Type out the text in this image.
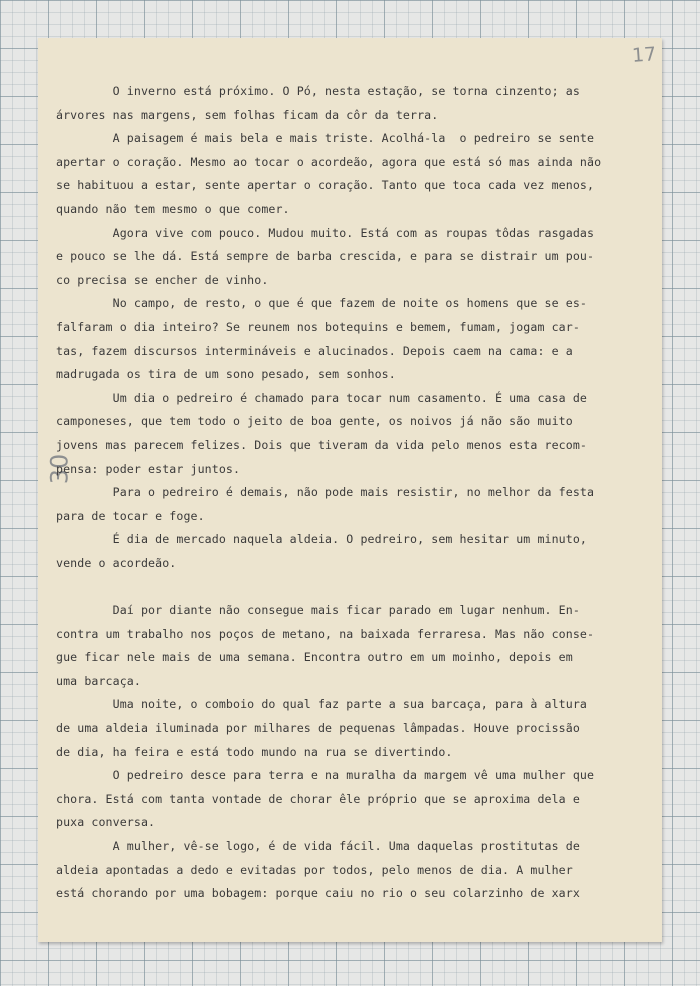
17
30
O inverno está próximo. O Pó, nesta estação, se torna cinzento; as
árvores nas margens, sem folhas ficam da côr da terra.
A paisagem é mais bela e mais triste. Acolhá-la  o pedreiro se sente
apertar o coração. Mesmo ao tocar o acordeão, agora que está só mas ainda não
se habituou a estar, sente apertar o coração. Tanto que toca cada vez menos,
quando não tem mesmo o que comer.
Agora vive com pouco. Mudou muito. Está com as roupas tôdas rasgadas
e pouco se lhe dá. Está sempre de barba crescida, e para se distrair um pou-
co precisa se encher de vinho.
No campo, de resto, o que é que fazem de noite os homens que se es-
falfaram o dia inteiro? Se reunem nos botequins e bemem, fumam, jogam car-
tas, fazem discursos intermináveis e alucinados. Depois caem na cama: e a
madrugada os tira de um sono pesado, sem sonhos.
Um dia o pedreiro é chamado para tocar num casamento. É uma casa de
camponeses, que tem todo o jeito de boa gente, os noivos já não são muito
jovens mas parecem felizes. Dois que tiveram da vida pelo menos esta recom-
pensa: poder estar juntos.
Para o pedreiro é demais, não pode mais resistir, no melhor da festa
para de tocar e foge.
É dia de mercado naquela aldeia. O pedreiro, sem hesitar um minuto,
vende o acordeão.
Daí por diante não consegue mais ficar parado em lugar nenhum. En-
contra um trabalho nos poços de metano, na baixada ferraresa. Mas não conse-
gue ficar nele mais de uma semana. Encontra outro em um moinho, depois em
uma barcaça.
Uma noite, o comboio do qual faz parte a sua barcaça, para à altura
de uma aldeia iluminada por milhares de pequenas lâmpadas. Houve procissão
de dia, ha feira e está todo mundo na rua se divertindo.
O pedreiro desce para terra e na muralha da margem vê uma mulher que
chora. Está com tanta vontade de chorar êle próprio que se aproxima dela e
puxa conversa.
A mulher, vê-se logo, é de vida fácil. Uma daquelas prostitutas de
aldeia apontadas a dedo e evitadas por todos, pelo menos de dia. A mulher
está chorando por uma bobagem: porque caiu no rio o seu colarzinho de xarx
